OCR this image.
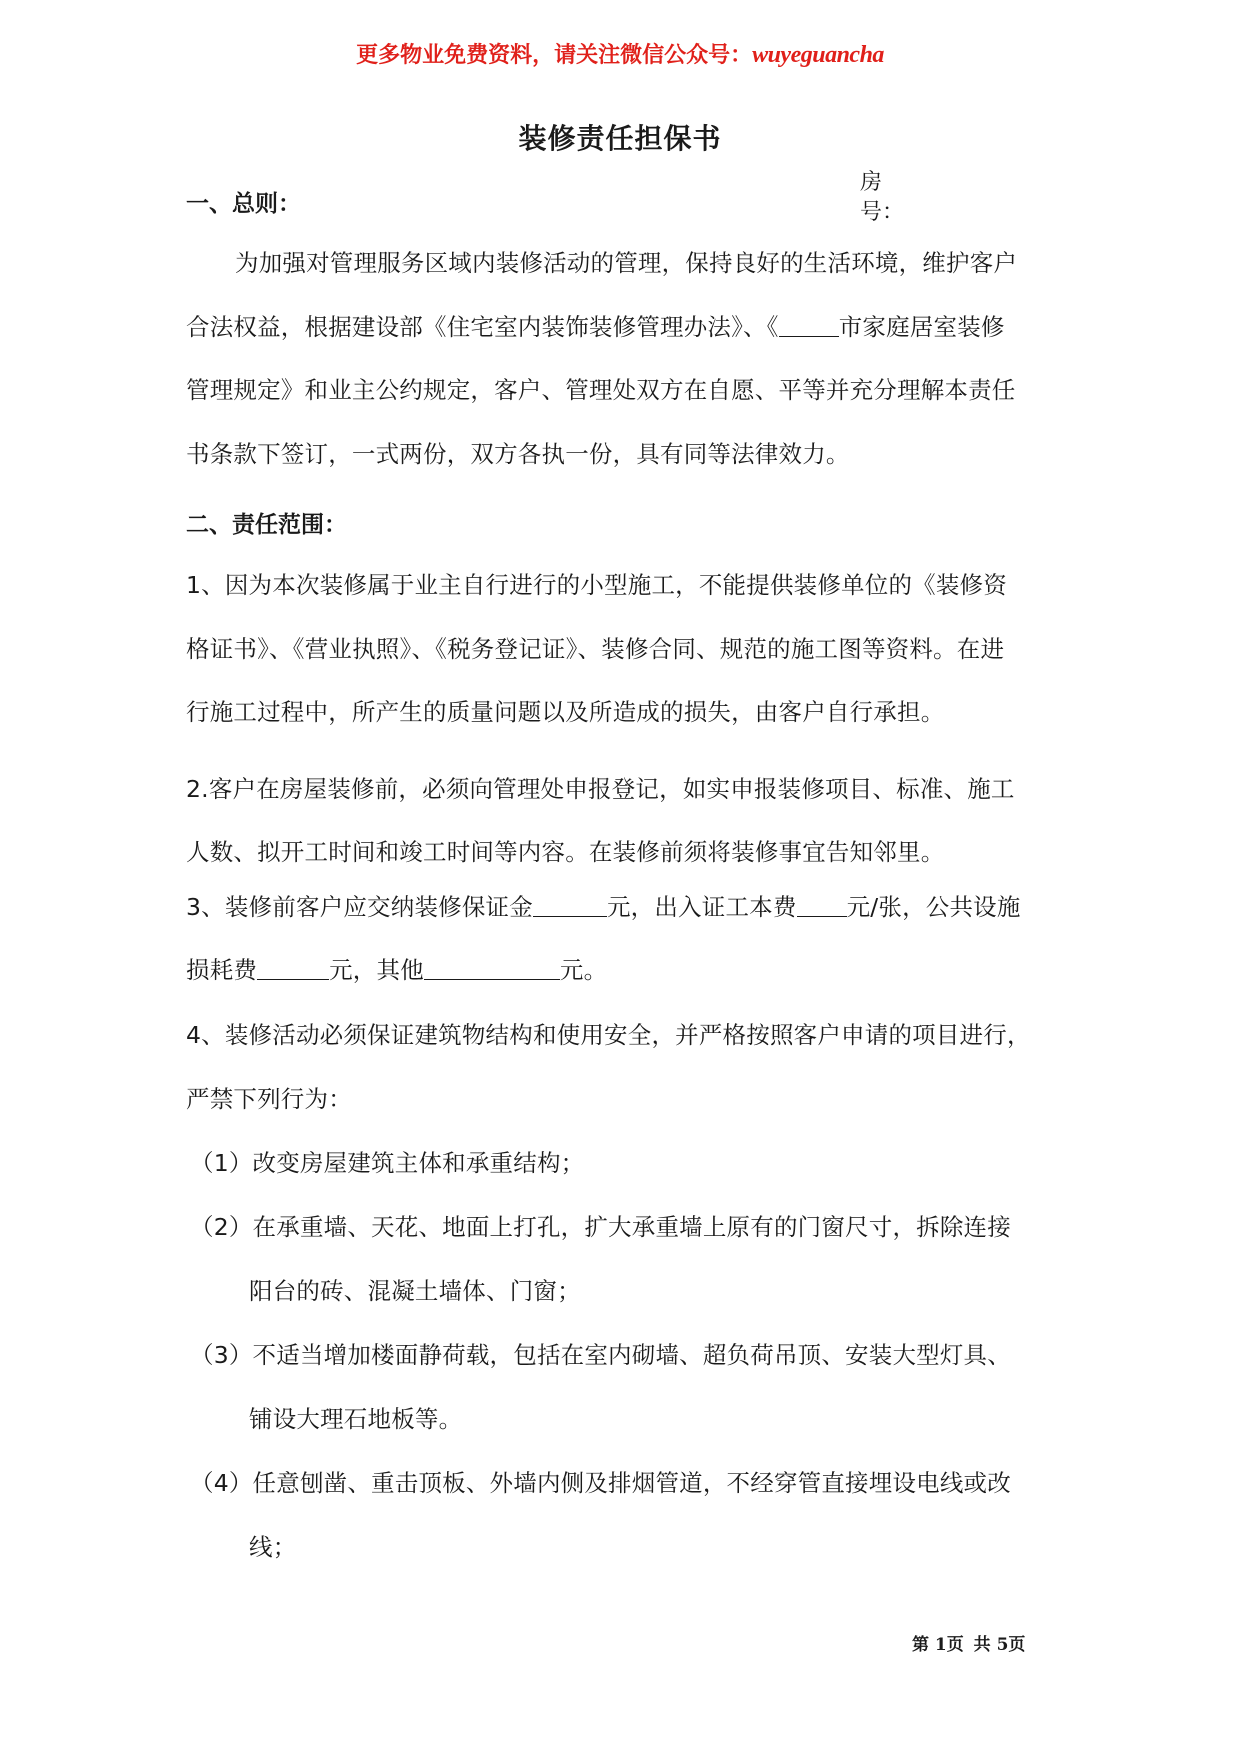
更多物业免费资料，请关注微信公众号：wuyeguancha
装修责任担保书
房号：
一、总则：
为加强对管理服务区域内装修活动的管理，保持良好的生活环境，维护客户
合法权益，根据建设部《住宅室内装饰装修管理办法》、《	市家庭居室装修
管理规定》和业主公约规定，客户、管理处双方在自愿、平等并充分理解本责任
书条款下签订，一式两份，双方各执一份，具有同等法律效力。
二、责任范围：
1、因为本次装修属于业主自行进行的小型施工，不能提供装修单位的《装修资
格证书》、《营业执照》、《税务登记证》、装修合同、规范的施工图等资料。在进
行施工过程中，所产生的质量问题以及所造成的损失，由客户自行承担。
2.客户在房屋装修前，必须向管理处申报登记，如实申报装修项目、标准、施工
人数、拟开工时间和竣工时间等内容。在装修前须将装修事宜告知邻里。
3、装修前客户应交纳装修保证金	元，出入证工本费 元/张，公共设施
损耗费	元，其他	元。
4、装修活动必须保证建筑物结构和使用安全，并严格按照客户申请的项目进行，
严禁下列行为：
（1）改变房屋建筑主体和承重结构；
（2）在承重墙、天花、地面上打孔，扩大承重墙上原有的门窗尺寸，拆除连接
阳台的砖、混凝土墙体、门窗；
（3）不适当增加楼面静荷载，包括在室内砌墙、超负荷吊顶、安装大型灯具、
铺设大理石地板等。
（4）任意刨凿、重击顶板、外墙内侧及排烟管道，不经穿管直接埋设电线或改
线；
第 1页 共 5页
